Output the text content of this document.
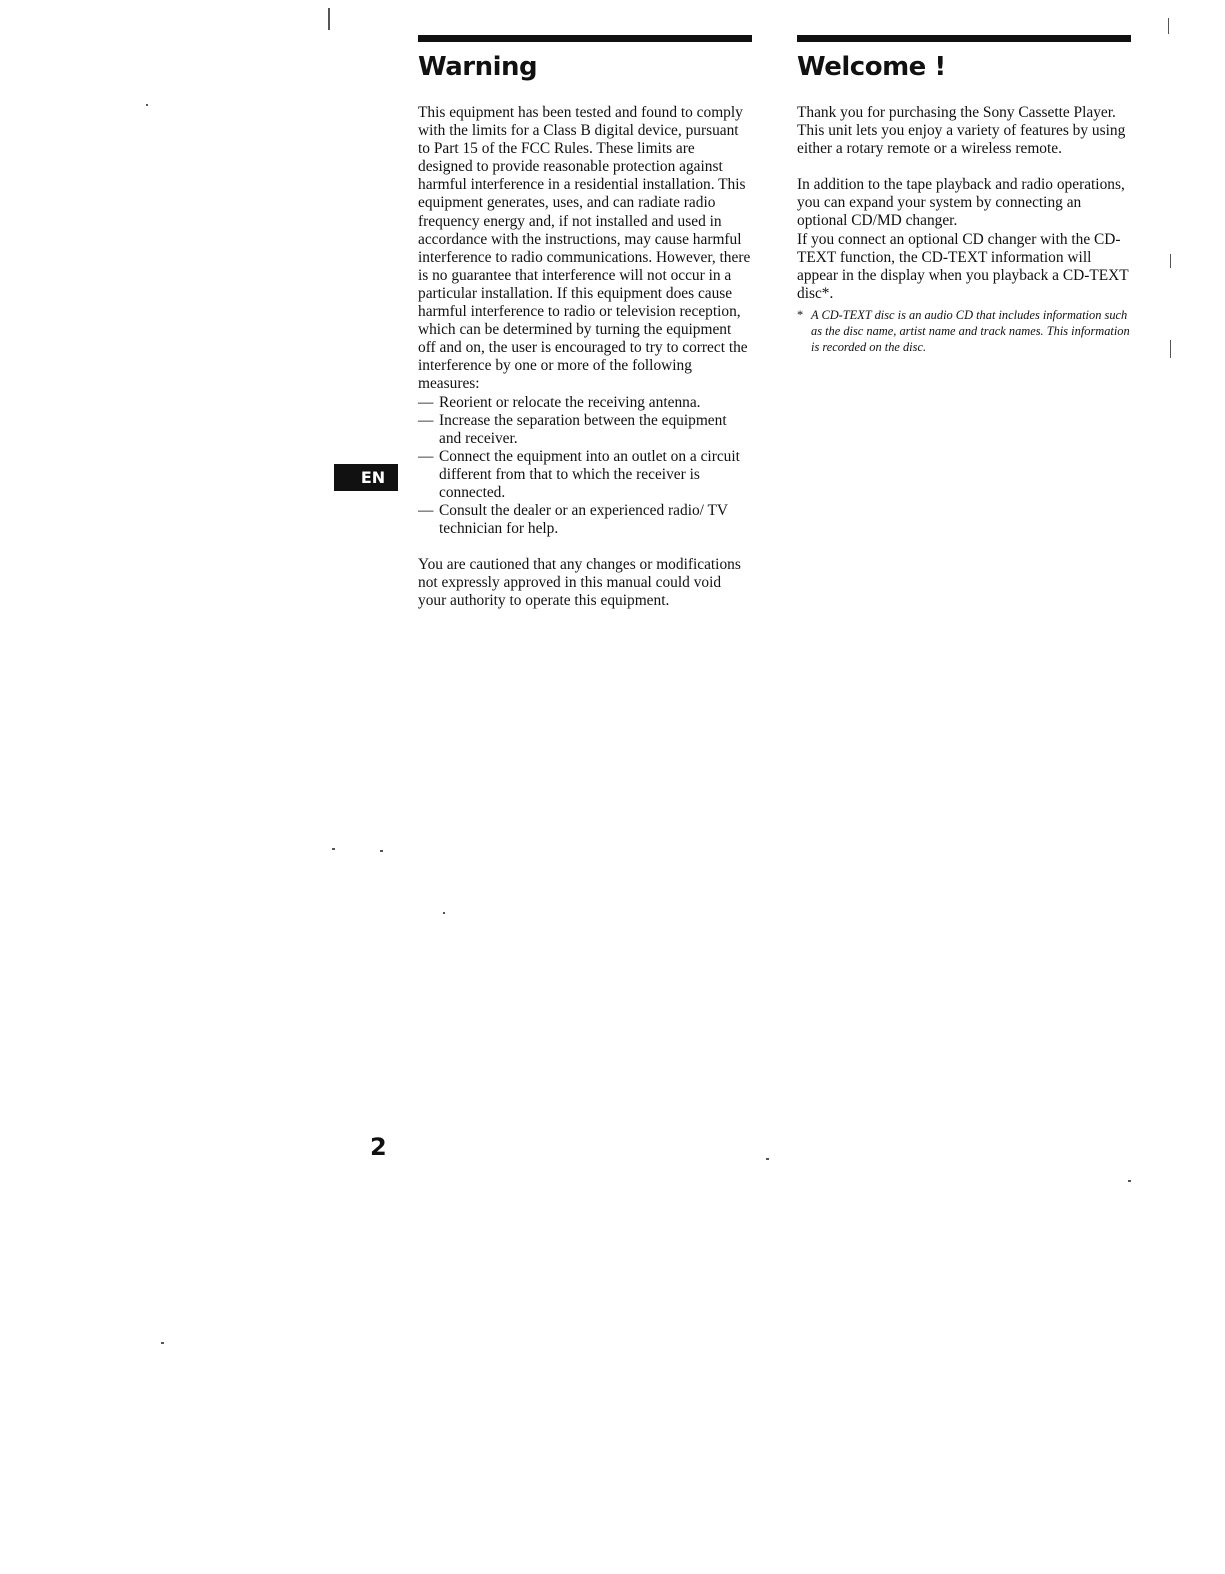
Warning

This equipment has been tested and found to comply with the limits for a Class B digital device, pursuant to Part 15 of the FCC Rules. These limits are designed to provide reasonable protection against harmful interference in a residential installation. This equipment generates, uses, and can radiate radio frequency energy and, if not installed and used in accordance with the instructions, may cause harmful interference to radio communications. However, there is no guarantee that interference will not occur in a particular installation. If this equipment does cause harmful interference to radio or television reception, which can be determined by turning the equipment off and on, the user is encouraged to try to correct the interference by one or more of the following measures:

— Reorient or relocate the receiving antenna.
— Increase the separation between the equipment and receiver.
— Connect the equipment into an outlet on a circuit different from that to which the receiver is connected.
— Consult the dealer or an experienced radio/ TV technician for help.

You are cautioned that any changes or modifications not expressly approved in this manual could void your authority to operate this equipment.

Welcome !

Thank you for purchasing the Sony Cassette Player. This unit lets you enjoy a variety of features by using either a rotary remote or a wireless remote.

In addition to the tape playback and radio operations, you can expand your system by connecting an optional CD/MD changer.

If you connect an optional CD changer with the CD-TEXT function, the CD-TEXT information will appear in the display when you playback a CD-TEXT disc*.

* A CD-TEXT disc is an audio CD that includes information such as the disc name, artist name and track names. This information is recorded on the disc.

EN
2
